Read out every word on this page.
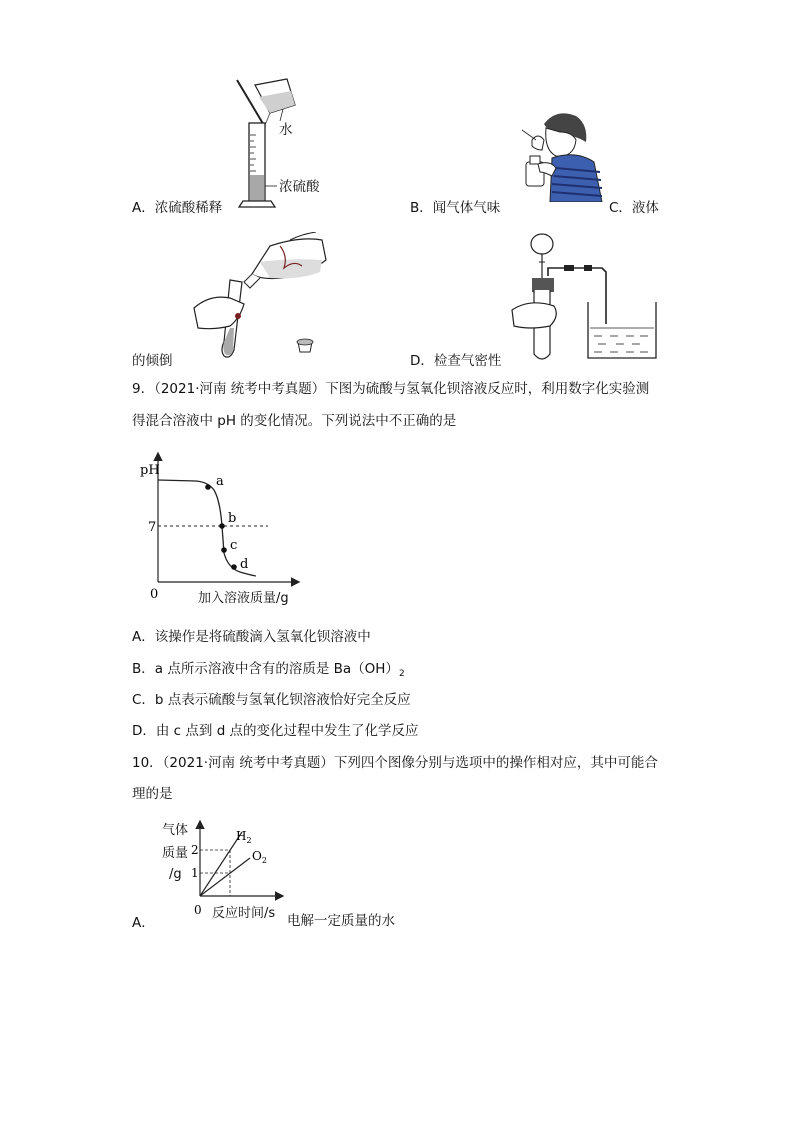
水
浓硫酸
A．浓硫酸稀释	B．闻气体气味	C．液体
的倾倒	D．检查气密性
9．（2021·河南 统考中考真题）下图为硫酸与氢氧化钡溶液反应时，利用数字化实验测
得混合溶液中 pH 的变化情况。下列说法中不正确的是
pH
7
0
a
b
c
d
加入溶液质量/g
A．该操作是将硫酸滴入氢氧化钡溶液中
B．a 点所示溶液中含有的溶质是 $Ba(OH)_2$
C．b 点表示硫酸与氢氧化钡溶液恰好完全反应
D．由 c 点到 d 点的变化过程中发生了化学反应
10．（2021·河南 统考中考真题）下列四个图像分别与选项中的操作相对应，其中可能合
理的是
2
1
$H_2$
$O_2$
0
气体
质量
/g
反应时间/s
A．	电解一定质量的水
